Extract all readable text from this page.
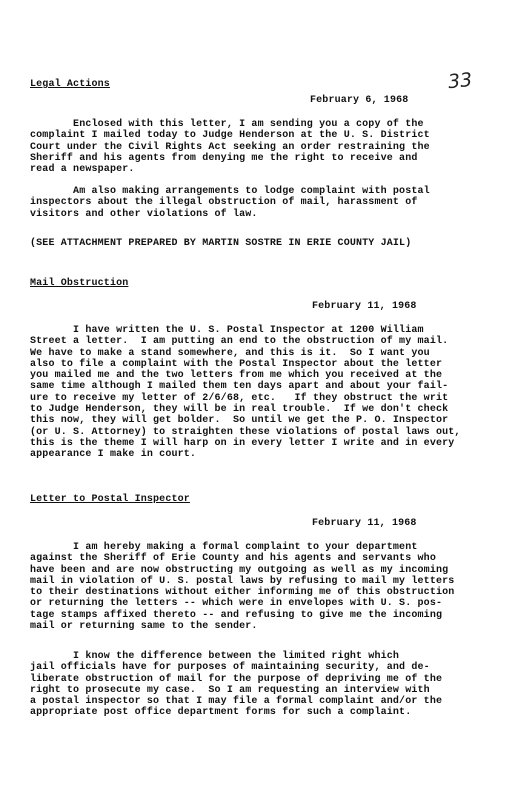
33
Legal Actions
February 6, 1968
Enclosed with this letter, I am sending you a copy of the
complaint I mailed today to Judge Henderson at the U. S. District
Court under the Civil Rights Act seeking an order restraining the
Sheriff and his agents from denying me the right to receive and
read a newspaper.
Am also making arrangements to lodge complaint with postal
inspectors about the illegal obstruction of mail, harassment of
visitors and other violations of law.
(SEE ATTACHMENT PREPARED BY MARTIN SOSTRE IN ERIE COUNTY JAIL)
Mail Obstruction
February 11, 1968
I have written the U. S. Postal Inspector at 1200 William
Street a letter.  I am putting an end to the obstruction of my mail.
We have to make a stand somewhere, and this is it.  So I want you
also to file a complaint with the Postal Inspector about the letter
you mailed me and the two letters from me which you received at the
same time although I mailed them ten days apart and about your fail-
ure to receive my letter of 2/6/68, etc.   If they obstruct the writ
to Judge Henderson, they will be in real trouble.  If we don't check
this now, they will get bolder.  So until we get the P. O. Inspector
(or U. S. Attorney) to straighten these violations of postal laws out,
this is the theme I will harp on in every letter I write and in every
appearance I make in court.
Letter to Postal Inspector
February 11, 1968
I am hereby making a formal complaint to your department
against the Sheriff of Erie County and his agents and servants who
have been and are now obstructing my outgoing as well as my incoming
mail in violation of U. S. postal laws by refusing to mail my letters
to their destinations without either informing me of this obstruction
or returning the letters -- which were in envelopes with U. S. pos-
tage stamps affixed thereto -- and refusing to give me the incoming
mail or returning same to the sender.
I know the difference between the limited right which
jail officials have for purposes of maintaining security, and de-
liberate obstruction of mail for the purpose of depriving me of the
right to prosecute my case.  So I am requesting an interview with
a postal inspector so that I may file a formal complaint and/or the
appropriate post office department forms for such a complaint.
